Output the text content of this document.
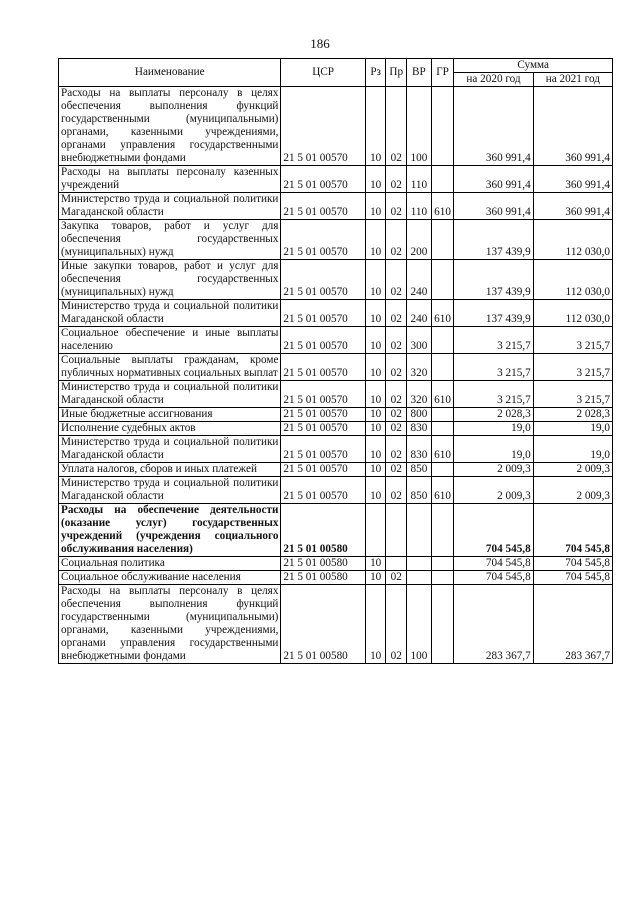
186
Наименование	ЦСР	Рз	Пр	ВР	ГР	Сумма	
						на 2020 год	на 2021 год
Расходы на выплаты персоналу в целях обеспечения выполнения функций государственными (муниципальными) органами, казенными учреждениями, органами управления государственными внебюджетными фондами	21 5 01 00570	10	02	100		360 991,4	360 991,4
Расходы на выплаты персоналу казенных учреждений	21 5 01 00570	10	02	110		360 991,4	360 991,4
Министерство труда и социальной политики Магаданской области	21 5 01 00570	10	02	110	610	360 991,4	360 991,4
Закупка товаров, работ и услуг для обеспечения государственных (муниципальных) нужд	21 5 01 00570	10	02	200		137 439,9	112 030,0
Иные закупки товаров, работ и услуг для обеспечения государственных (муниципальных) нужд	21 5 01 00570	10	02	240		137 439,9	112 030,0
Министерство труда и социальной политики Магаданской области	21 5 01 00570	10	02	240	610	137 439,9	112 030,0
Социальное обеспечение и иные выплаты населению	21 5 01 00570	10	02	300		3 215,7	3 215,7
Социальные выплаты гражданам, кроме публичных нормативных социальных выплат	21 5 01 00570	10	02	320		3 215,7	3 215,7
Министерство труда и социальной политики Магаданской области	21 5 01 00570	10	02	320	610	3 215,7	3 215,7
Иные бюджетные ассигнования	21 5 01 00570	10	02	800		2 028,3	2 028,3
Исполнение судебных актов	21 5 01 00570	10	02	830		19,0	19,0
Министерство труда и социальной политики Магаданской области	21 5 01 00570	10	02	830	610	19,0	19,0
Уплата налогов, сборов и иных платежей	21 5 01 00570	10	02	850		2 009,3	2 009,3
Министерство труда и социальной политики Магаданской области	21 5 01 00570	10	02	850	610	2 009,3	2 009,3
Расходы на обеспечение деятельности (оказание услуг) государственных учреждений (учреждения социального обслуживания населения)	21 5 01 00580					704 545,8	704 545,8
Социальная политика	21 5 01 00580	10				704 545,8	704 545,8
Социальное обслуживание населения	21 5 01 00580	10	02			704 545,8	704 545,8
Расходы на выплаты персоналу в целях обеспечения выполнения функций государственными (муниципальными) органами, казенными учреждениями, органами управления государственными внебюджетными фондами	21 5 01 00580	10	02	100		283 367,7	283 367,7
